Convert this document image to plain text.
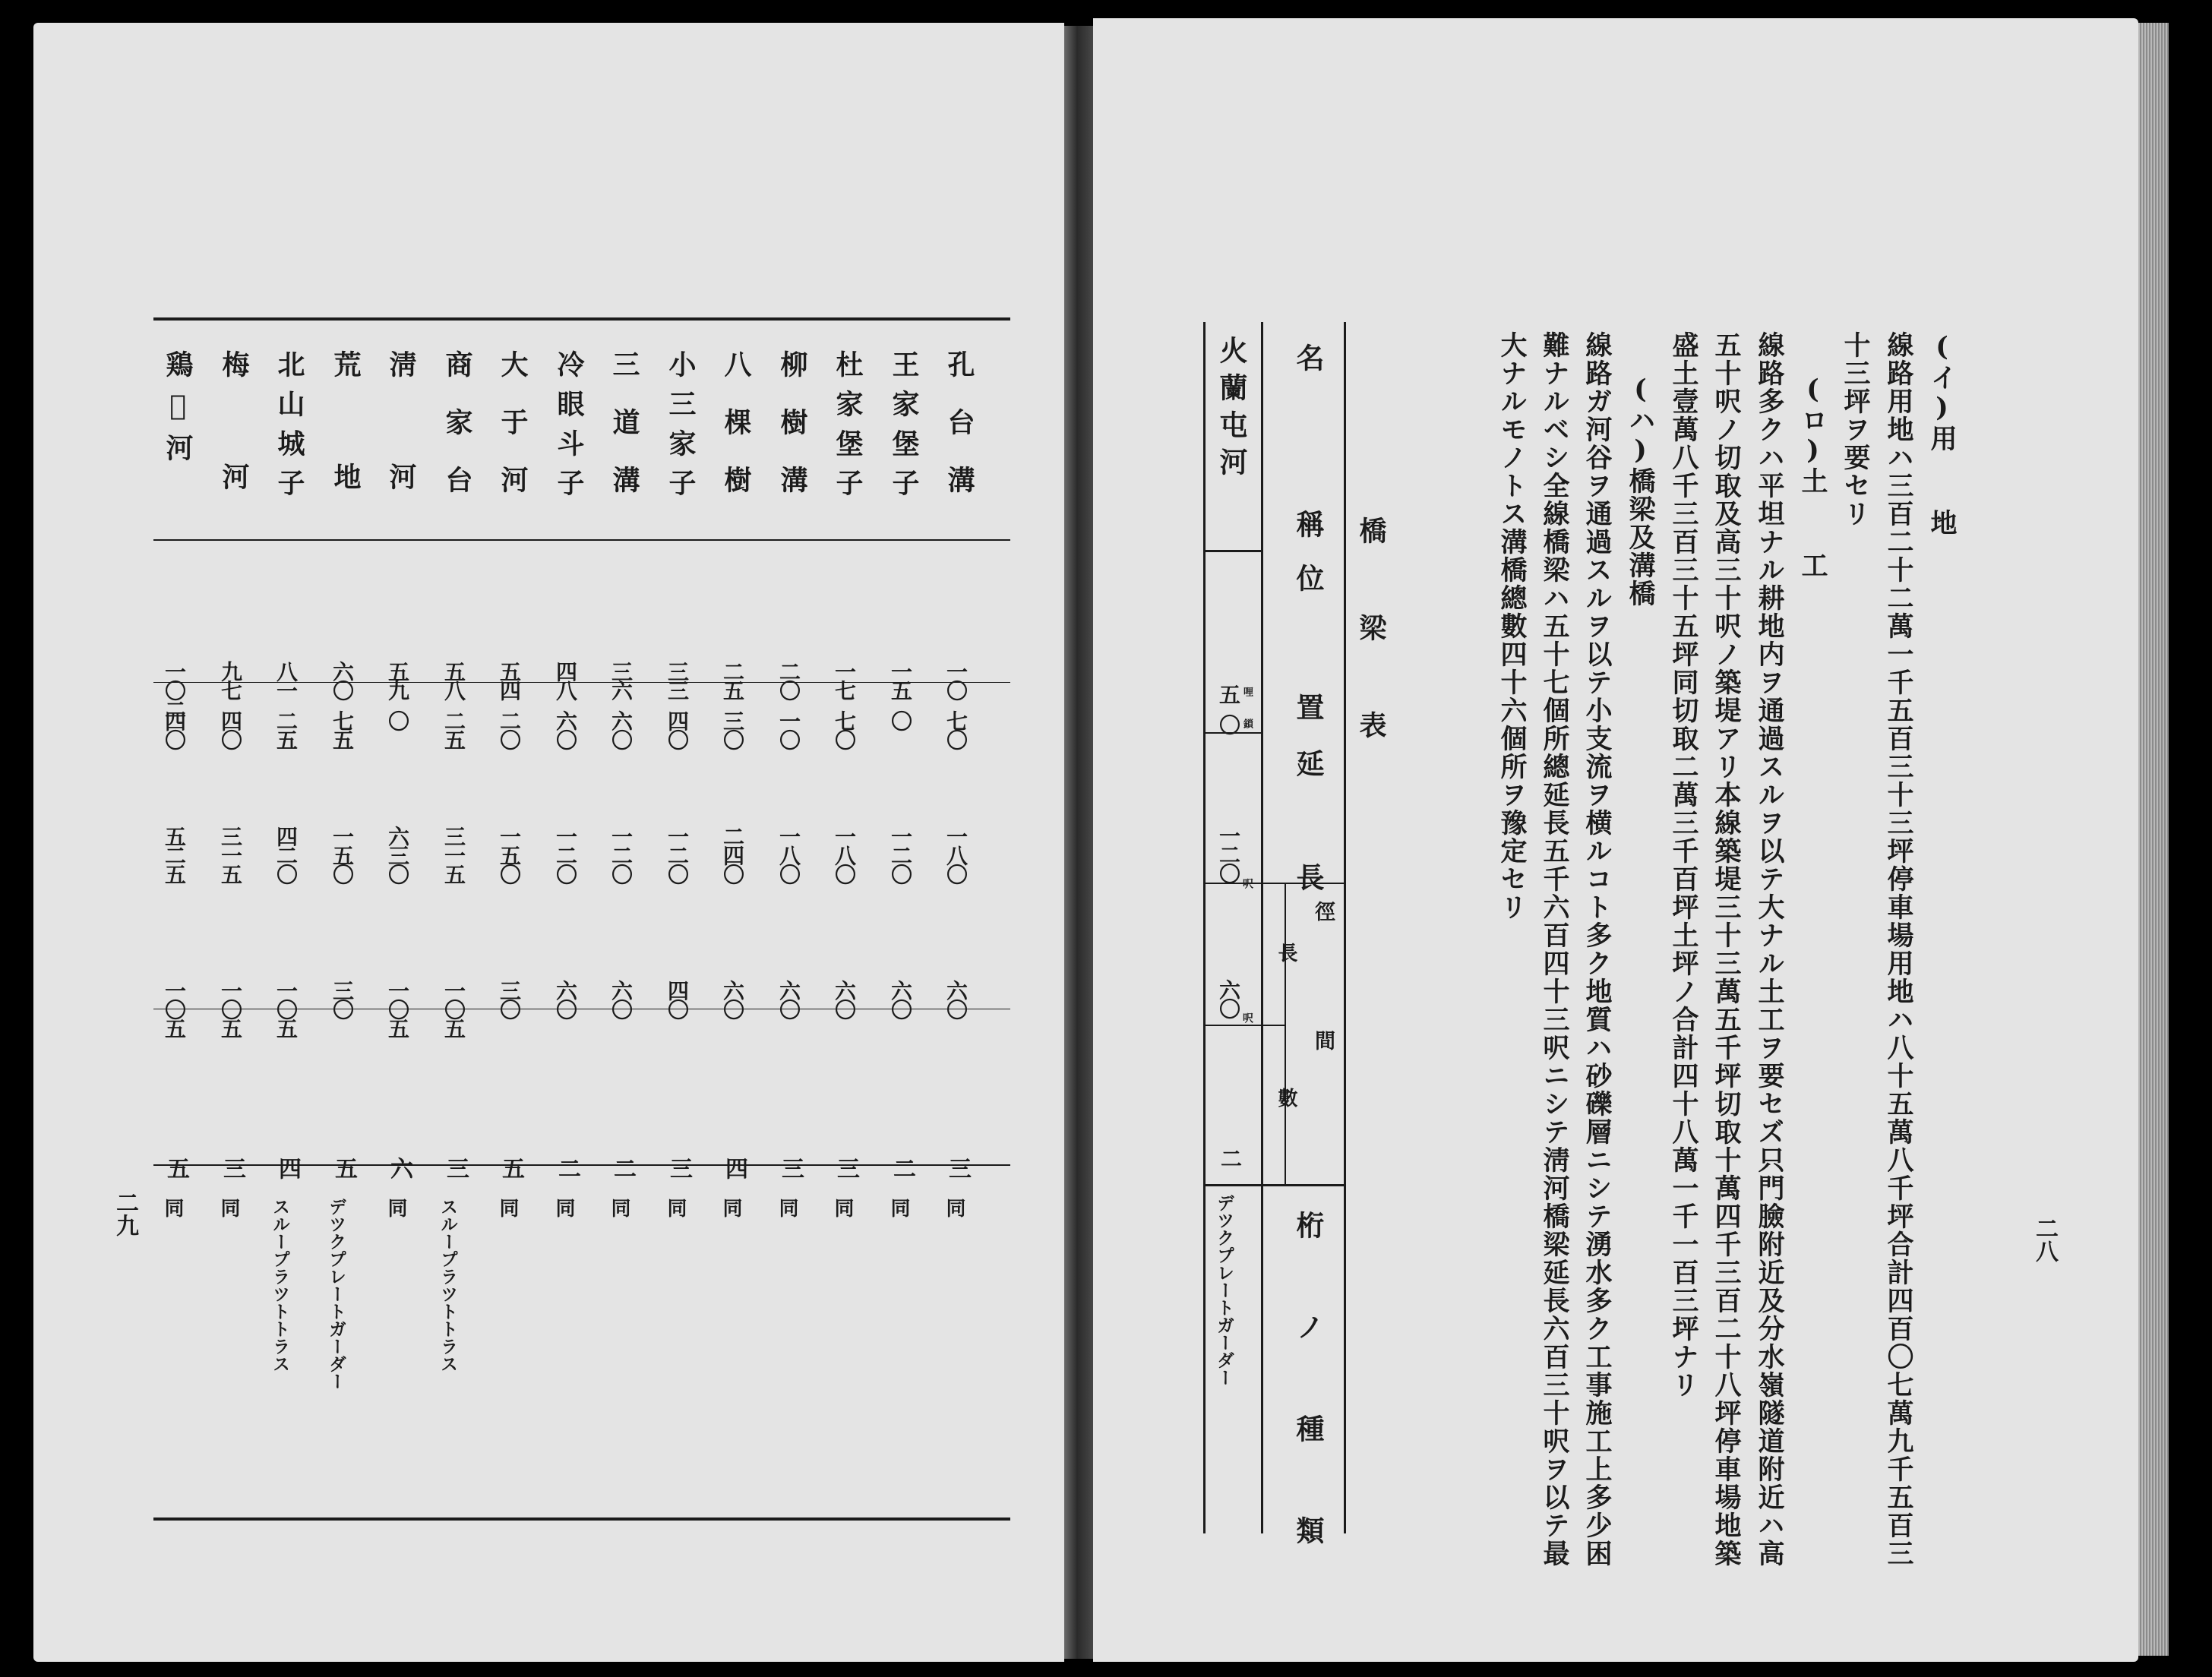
孔台溝
一〇
七〇
一八〇
六〇
三
同
王家堡子
一五
〇
一二〇
六〇
二
同
杜家堡子
一七
七〇
一八〇
六〇
三
同
柳樹溝
二〇
一〇
一八〇
六〇
三
同
八棵樹
二五
三〇
二四〇
六〇
四
同
小三家子
三三
四〇
一二〇
四〇
三
同
三道溝
三六
六〇
一二〇
六〇
二
同
冷眼斗子
四八
六〇
一二〇
六〇
二
同
大于河
五四
二〇
一五〇
三〇
五
同
商家台
五八
二五
三一五
一〇五
三
スループラツトトラス
淸河
五九
〇
六三〇
一〇五
六
同
荒地
六〇
七五
一五〇
三〇
五
デツクプレートガーダー
北山城子
八一
二五
四二〇
一〇五
四
スループラツトトラス
梅河
九七
四〇
三一五
一〇五
三
同
鶏𪃱河
一〇二
四〇
五二五
一〇五
五
同
二九
二八
(イ)用　　地
線路用地ハ三百二十二萬一千五百三十三坪停車場用地ハ八十五萬八千坪合計四百〇七萬九千五百三
十三坪ヲ要セリ
(ロ)土　　工
線路多クハ平坦ナル耕地内ヲ通過スルヲ以テ大ナル土工ヲ要セズ只門臉附近及分水嶺隧道附近ハ高
五十呎ノ切取及高三十呎ノ築堤アリ本線築堤三十三萬五千坪切取十萬四千三百二十八坪停車場地築
盛土壹萬八千三百三十五坪同切取二萬三千百坪土坪ノ合計四十八萬一千一百三坪ナリ
(ハ)橋梁及溝橋
線路ガ河谷ヲ通過スルヲ以テ小支流ヲ横ルコト多ク地質ハ砂礫層ニシテ湧水多ク工事施工上多少困
難ナルベシ全線橋梁ハ五十七個所總延長五千六百四十三呎ニシテ淸河橋梁延長六百三十呎ヲ以テ最
大ナルモノトス溝橋總數四十六個所ヲ豫定セリ
橋　梁　表
名　　稱
位　置
延　長
徑　間
長
數
桁　ノ　種　類
火蘭屯河
五 哩
〇 鎖
一二〇
呎
六〇
呎
二
デツクプレートガーダー
